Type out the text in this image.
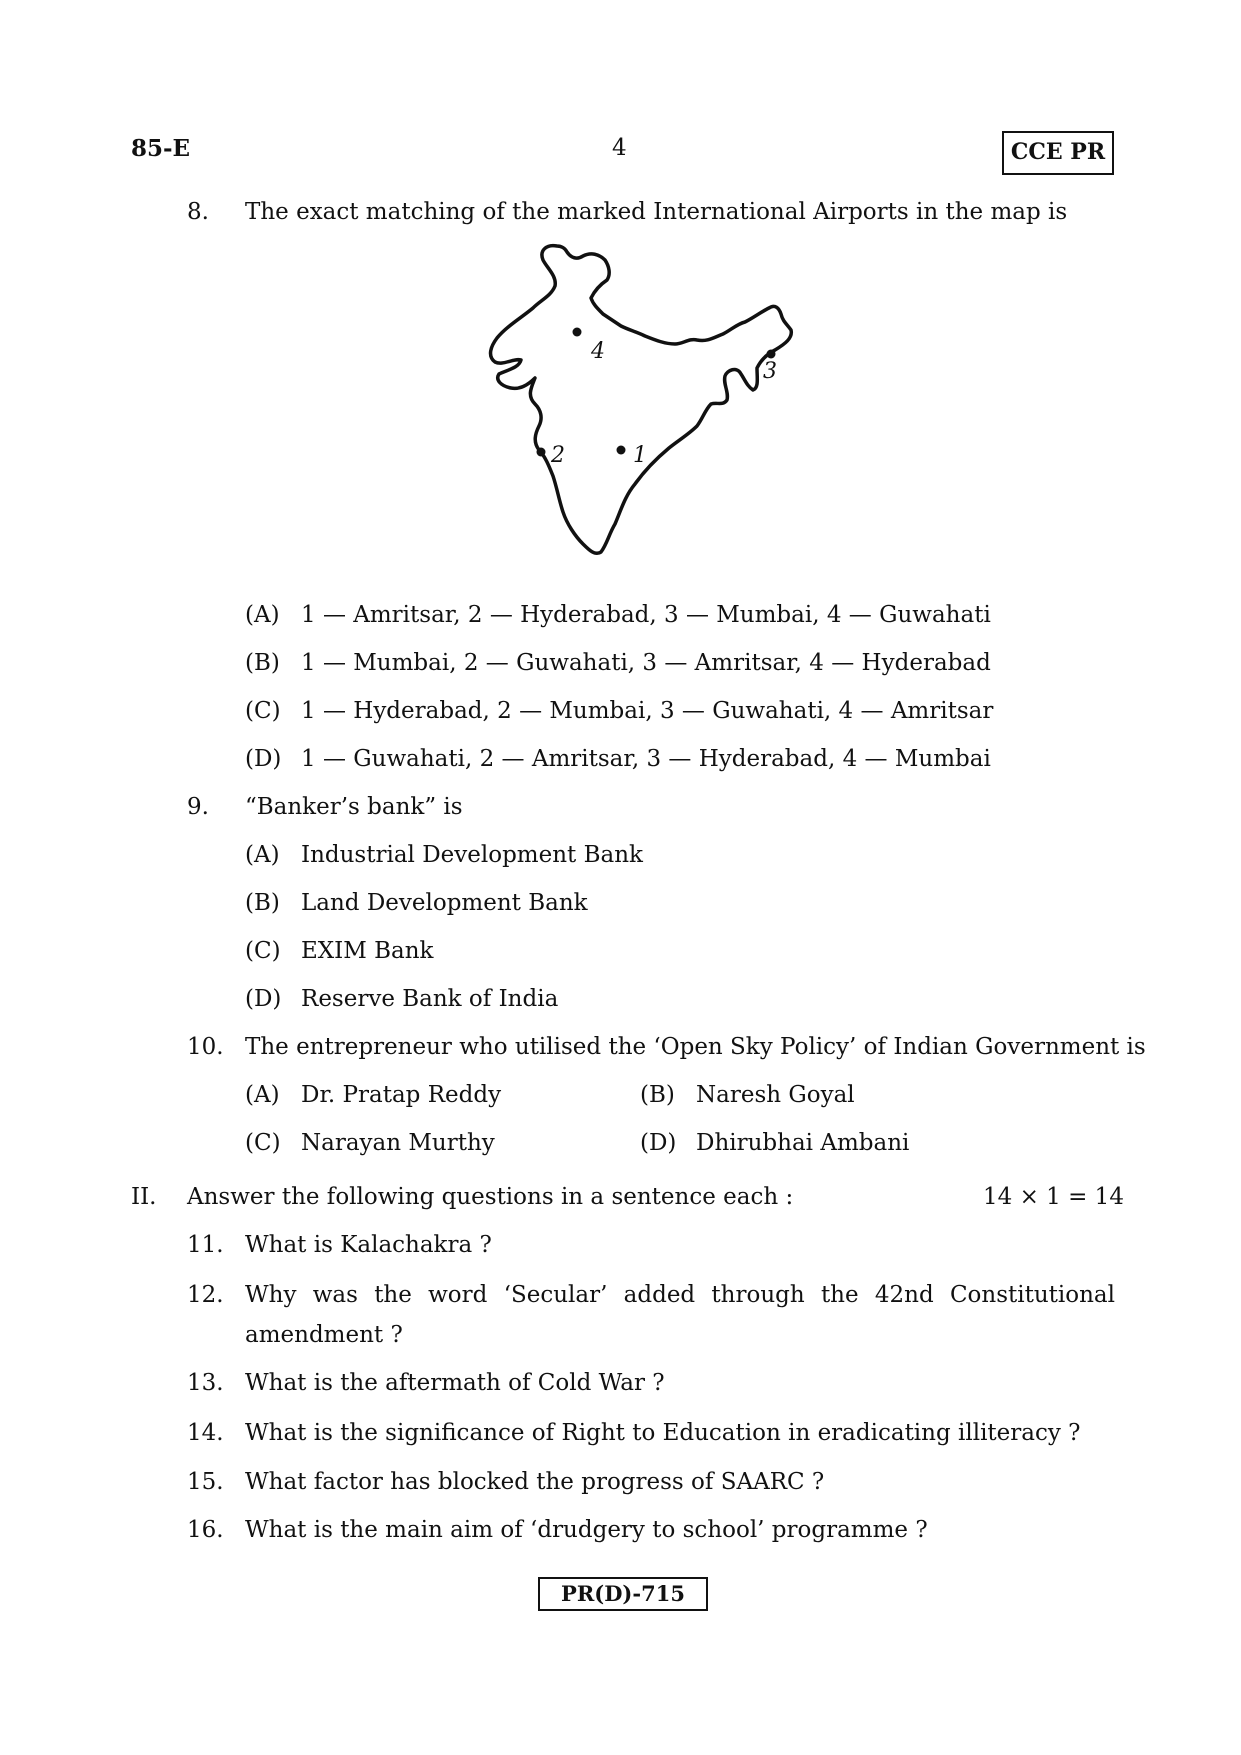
85-E	4	CCE PR
8. The exact matching of the marked International Airports in the map is
4
3
2	1
(A) 1 — Amritsar, 2 — Hyderabad, 3 — Mumbai, 4 — Guwahati
(B) 1 — Mumbai, 2 — Guwahati, 3 — Amritsar, 4 — Hyderabad
(C) 1 — Hyderabad, 2 — Mumbai, 3 — Guwahati, 4 — Amritsar
(D) 1 — Guwahati, 2 — Amritsar, 3 — Hyderabad, 4 — Mumbai
9. “Banker’s bank” is
(A) Industrial Development Bank
(B) Land Development Bank
(C) EXIM Bank
(D) Reserve Bank of India
10. The entrepreneur who utilised the ‘Open Sky Policy’ of Indian Government is
(A) Dr. Pratap Reddy	(B) Naresh Goyal
(C) Narayan Murthy	(D) Dhirubhai Ambani
II. Answer the following questions in a sentence each :	14 × 1 = 14
11. What is Kalachakra ?
12. Why was the word ‘Secular’ added through the 42nd Constitutional
amendment ?
13. What is the aftermath of Cold War ?
14. What is the significance of Right to Education in eradicating illiteracy ?
15. What factor has blocked the progress of SAARC ?
16. What is the main aim of ‘drudgery to school’ programme ?
PR(D)-715
